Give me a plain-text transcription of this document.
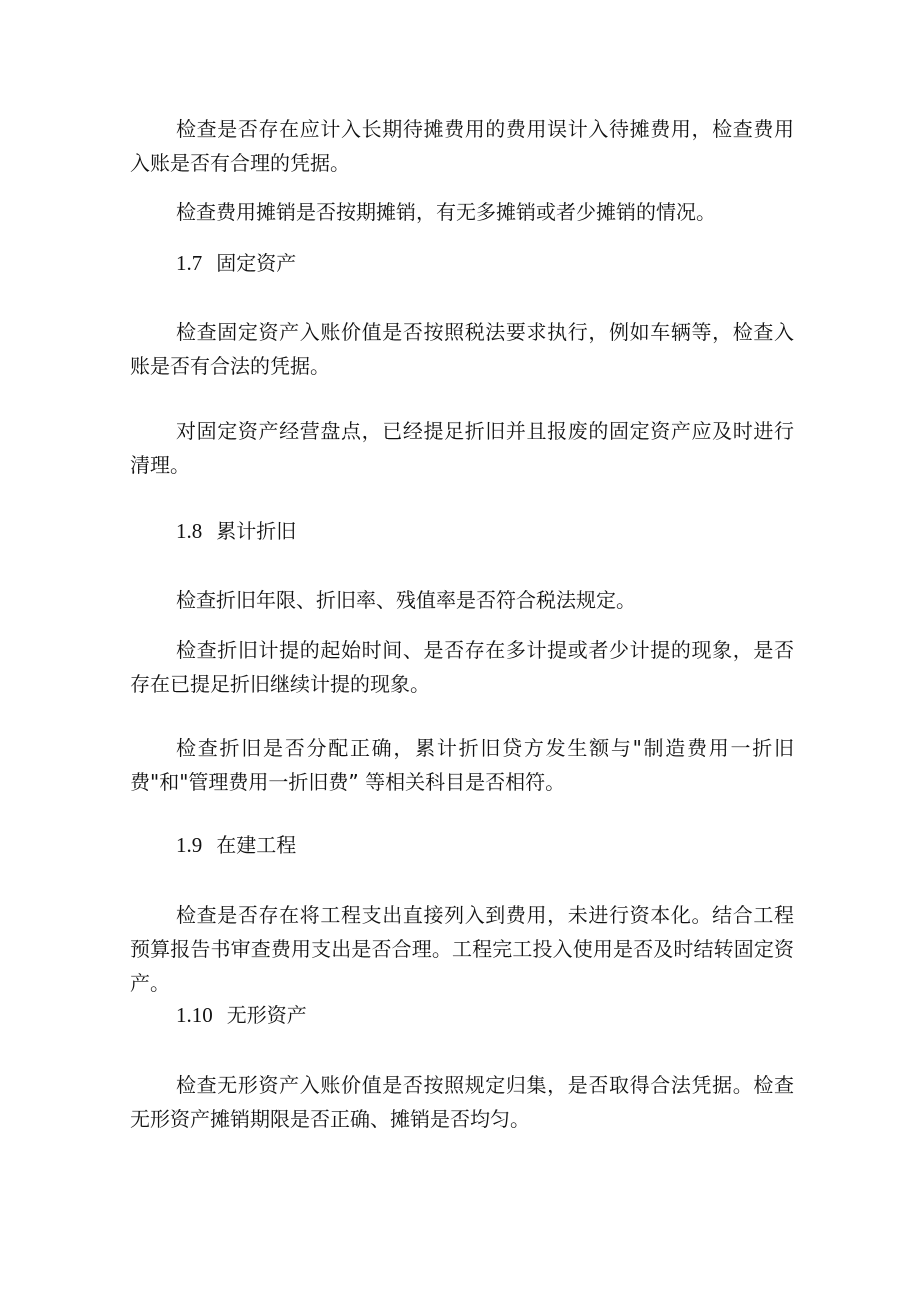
检查是否存在应计入长期待摊费用的费用误计入待摊费用，检查费用入账是否有合理的凭据。

检查费用摊销是否按期摊销，有无多摊销或者少摊销的情况。

1.7 固定资产

检查固定资产入账价值是否按照税法要求执行，例如车辆等，检查入账是否有合法的凭据。

对固定资产经营盘点，已经提足折旧并且报废的固定资产应及时进行清理。

1.8 累计折旧

检查折旧年限、折旧率、残值率是否符合税法规定。

检查折旧计提的起始时间、是否存在多计提或者少计提的现象，是否存在已提足折旧继续计提的现象。

检查折旧是否分配正确，累计折旧贷方发生额与"制造费用一折旧费"和"管理费用一折旧费” 等相关科目是否相符。

1.9 在建工程

检查是否存在将工程支出直接列入到费用，未进行资本化。结合工程预算报告书审查费用支出是否合理。工程完工投入使用是否及时结转固定资产。

1.10 无形资产

检查无形资产入账价值是否按照规定归集，是否取得合法凭据。检查无形资产摊销期限是否正确、摊销是否均匀。
